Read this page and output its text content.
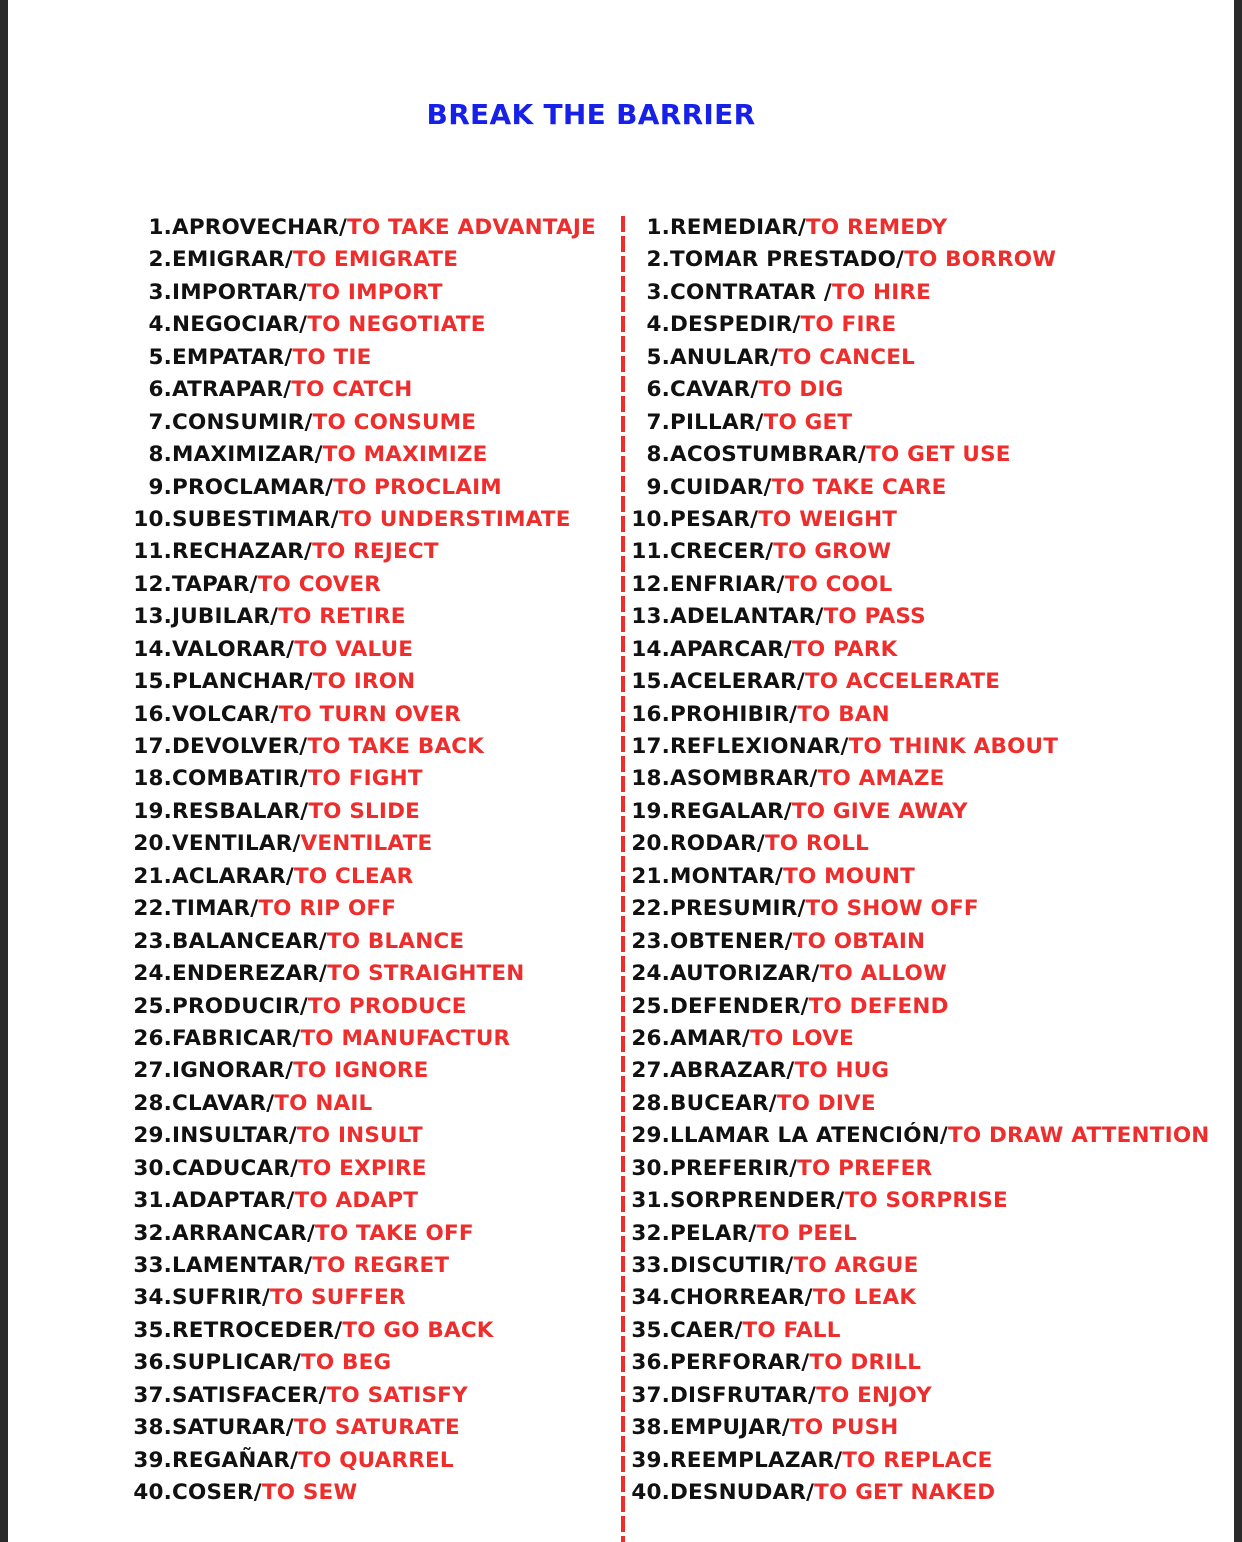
BREAK THE BARRIER
1.APROVECHAR/TO TAKE ADVANTAJE
2.EMIGRAR/TO EMIGRATE
3.IMPORTAR/TO IMPORT
4.NEGOCIAR/TO NEGOTIATE
5.EMPATAR/TO TIE
6.ATRAPAR/TO CATCH
7.CONSUMIR/TO CONSUME
8.MAXIMIZAR/TO MAXIMIZE
9.PROCLAMAR/TO PROCLAIM
10.SUBESTIMAR/TO UNDERSTIMATE
11.RECHAZAR/TO REJECT
12.TAPAR/TO COVER
13.JUBILAR/TO RETIRE
14.VALORAR/TO VALUE
15.PLANCHAR/TO IRON
16.VOLCAR/TO TURN OVER
17.DEVOLVER/TO TAKE BACK
18.COMBATIR/TO FIGHT
19.RESBALAR/TO SLIDE
20.VENTILAR/VENTILATE
21.ACLARAR/TO CLEAR
22.TIMAR/TO RIP OFF
23.BALANCEAR/TO BLANCE
24.ENDEREZAR/TO STRAIGHTEN
25.PRODUCIR/TO PRODUCE
26.FABRICAR/TO MANUFACTUR
27.IGNORAR/TO IGNORE
28.CLAVAR/TO NAIL
29.INSULTAR/TO INSULT
30.CADUCAR/TO EXPIRE
31.ADAPTAR/TO ADAPT
32.ARRANCAR/TO TAKE OFF
33.LAMENTAR/TO REGRET
34.SUFRIR/TO SUFFER
35.RETROCEDER/TO GO BACK
36.SUPLICAR/TO BEG
37.SATISFACER/TO SATISFY
38.SATURAR/TO SATURATE
39.REGAÑAR/TO QUARREL
40.COSER/TO SEW
1.REMEDIAR/TO REMEDY
2.TOMAR PRESTADO/TO BORROW
3.CONTRATAR /TO HIRE
4.DESPEDIR/TO FIRE
5.ANULAR/TO CANCEL
6.CAVAR/TO DIG
7.PILLAR/TO GET
8.ACOSTUMBRAR/TO GET USE
9.CUIDAR/TO TAKE CARE
10.PESAR/TO WEIGHT
11.CRECER/TO GROW
12.ENFRIAR/TO COOL
13.ADELANTAR/TO PASS
14.APARCAR/TO PARK
15.ACELERAR/TO ACCELERATE
16.PROHIBIR/TO BAN
17.REFLEXIONAR/TO THINK ABOUT
18.ASOMBRAR/TO AMAZE
19.REGALAR/TO GIVE AWAY
20.RODAR/TO ROLL
21.MONTAR/TO MOUNT
22.PRESUMIR/TO SHOW OFF
23.OBTENER/TO OBTAIN
24.AUTORIZAR/TO ALLOW
25.DEFENDER/TO DEFEND
26.AMAR/TO LOVE
27.ABRAZAR/TO HUG
28.BUCEAR/TO DIVE
29.LLAMAR LA ATENCIÓN/TO DRAW ATTENTION
30.PREFERIR/TO PREFER
31.SORPRENDER/TO SORPRISE
32.PELAR/TO PEEL
33.DISCUTIR/TO ARGUE
34.CHORREAR/TO LEAK
35.CAER/TO FALL
36.PERFORAR/TO DRILL
37.DISFRUTAR/TO ENJOY
38.EMPUJAR/TO PUSH
39.REEMPLAZAR/TO REPLACE
40.DESNUDAR/TO GET NAKED
